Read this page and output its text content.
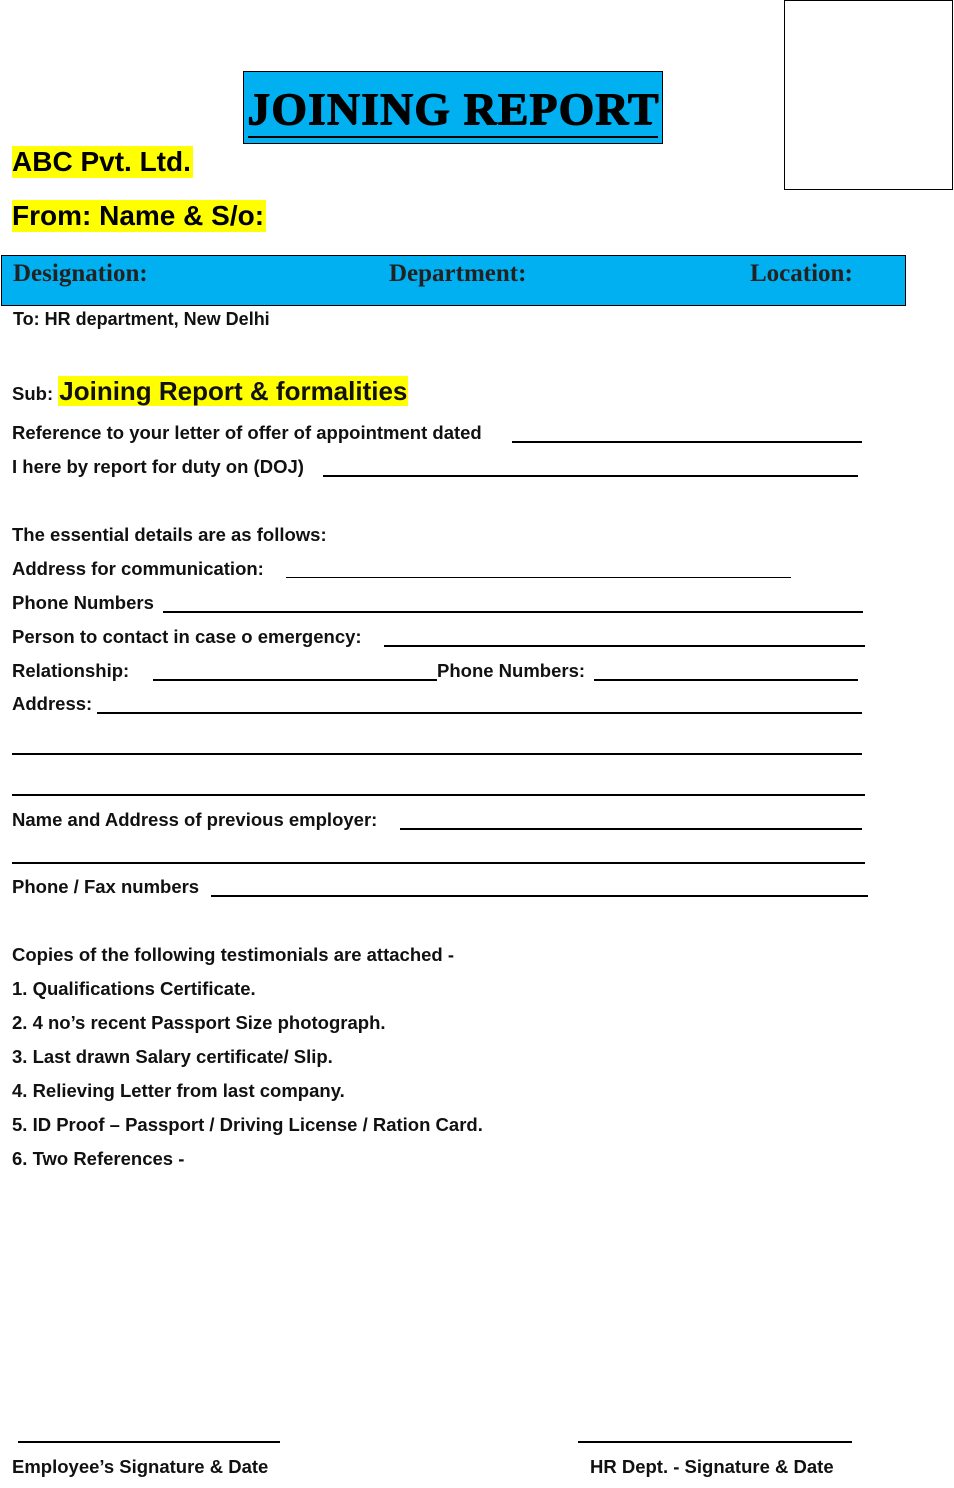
JOINING REPORT
ABC Pvt. Ltd.
From: Name & S/o:
Designation:	Department:	Location:
To: HR department, New Delhi
Sub: Joining Report & formalities
Reference to your letter of offer of appointment dated
I here by report for duty on (DOJ)
The essential details are as follows:
Address for communication:
Phone Numbers
Person to contact in case o emergency:
Relationship:	Phone Numbers:
Address:
Name and Address of previous employer:
Phone / Fax numbers
Copies of the following testimonials are attached -
1. Qualifications Certificate.
2. 4 no’s recent Passport Size photograph.
3. Last drawn Salary certificate/ Slip.
4. Relieving Letter from last company.
5. ID Proof – Passport / Driving License / Ration Card.
6. Two References -
Employee’s Signature & Date	HR Dept. - Signature & Date
